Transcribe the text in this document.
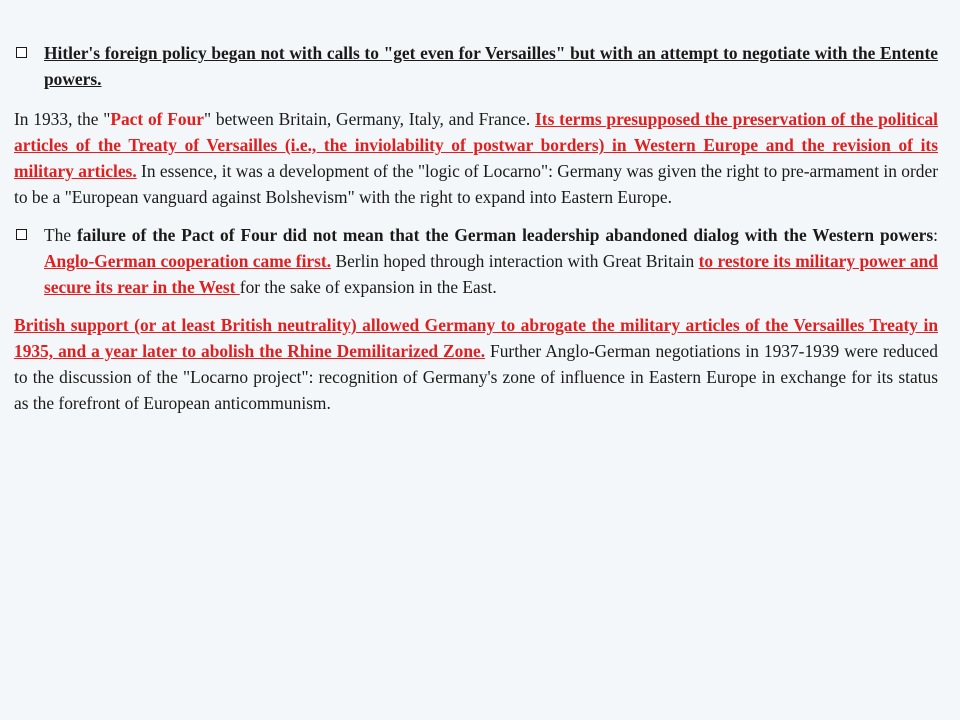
Hitler's foreign policy began not with calls to "get even for Versailles" but with an attempt to negotiate with the Entente powers.

In 1933, the "Pact of Four" between Britain, Germany, Italy, and France. Its terms presupposed the preservation of the political articles of the Treaty of Versailles (i.e., the inviolability of postwar borders) in Western Europe and the revision of its military articles. In essence, it was a development of the "logic of Locarno": Germany was given the right to pre-armament in order to be a "European vanguard against Bolshevism" with the right to expand into Eastern Europe.

The failure of the Pact of Four did not mean that the German leadership abandoned dialog with the Western powers: Anglo-German cooperation came first. Berlin hoped through interaction with Great Britain to restore its military power and secure its rear in the West for the sake of expansion in the East.

British support (or at least British neutrality) allowed Germany to abrogate the military articles of the Versailles Treaty in 1935, and a year later to abolish the Rhine Demilitarized Zone. Further Anglo-German negotiations in 1937-1939 were reduced to the discussion of the "Locarno project": recognition of Germany's zone of influence in Eastern Europe in exchange for its status as the forefront of European anticommunism.
